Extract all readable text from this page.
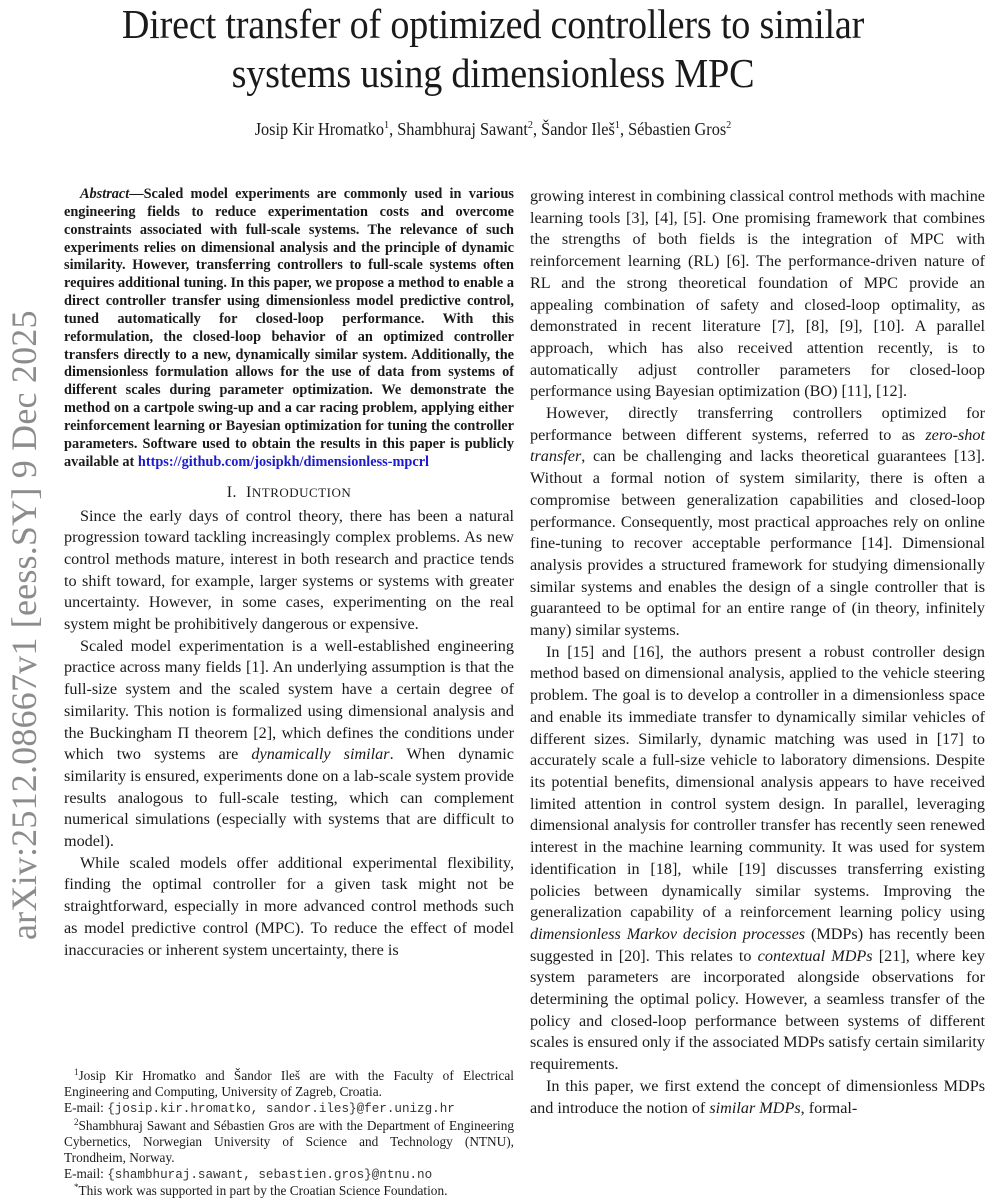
Direct transfer of optimized controllers to similar
systems using dimensionless MPC
Josip Kir Hromatko$^1$, Shambhuraj Sawant$^2$, Šandor Ileš$^1$, Sébastien Gros$^2$
arXiv:2512.08667v1 [eess.SY] 9 Dec 2025

Abstract—Scaled model experiments are commonly used in various engineering fields to reduce experimentation costs and overcome constraints associated with full-scale systems. The relevance of such experiments relies on dimensional analysis and the principle of dynamic similarity. However, transferring controllers to full-scale systems often requires additional tuning. In this paper, we propose a method to enable a direct controller transfer using dimensionless model predictive control, tuned automatically for closed-loop performance. With this reformulation, the closed-loop behavior of an optimized controller transfers directly to a new, dynamically similar system. Additionally, the dimensionless formulation allows for the use of data from systems of different scales during parameter optimization. We demonstrate the method on a cartpole swing-up and a car racing problem, applying either reinforcement learning or Bayesian optimization for tuning the controller parameters. Software used to obtain the results in this paper is publicly available at https://github.com/josipkh/dimensionless-mpcrl

I. INTRODUCTION

Since the early days of control theory, there has been a natural progression toward tackling increasingly complex problems. As new control methods mature, interest in both research and practice tends to shift toward, for example, larger systems or systems with greater uncertainty. However, in some cases, experimenting on the real system might be prohibitively dangerous or expensive.

Scaled model experimentation is a well-established engineering practice across many fields [1]. An underlying assumption is that the full-size system and the scaled system have a certain degree of similarity. This notion is formalized using dimensional analysis and the Buckingham Π theorem [2], which defines the conditions under which two systems are dynamically similar. When dynamic similarity is ensured, experiments done on a lab-scale system provide results analogous to full-scale testing, which can complement numerical simulations (especially with systems that are difficult to model).

While scaled models offer additional experimental flexibility, finding the optimal controller for a given task might not be straightforward, especially in more advanced control methods such as model predictive control (MPC). To reduce the effect of model inaccuracies or inherent system uncertainty, there is

$^1$Josip Kir Hromatko and Šandor Ileš are with the Faculty of Electrical Engineering and Computing, University of Zagreb, Croatia.

E-mail: {josip.kir.hromatko, sandor.iles}@fer.unizg.hr

$^2$Shambhuraj Sawant and Sébastien Gros are with the Department of Engineering Cybernetics, Norwegian University of Science and Technology (NTNU), Trondheim, Norway.

E-mail: {shambhuraj.sawant, sebastien.gros}@ntnu.no

*This work was supported in part by the Croatian Science Foundation.

growing interest in combining classical control methods with machine learning tools [3], [4], [5]. One promising framework that combines the strengths of both fields is the integration of MPC with reinforcement learning (RL) [6]. The performance-driven nature of RL and the strong theoretical foundation of MPC provide an appealing combination of safety and closed-loop optimality, as demonstrated in recent literature [7], [8], [9], [10]. A parallel approach, which has also received attention recently, is to automatically adjust controller parameters for closed-loop performance using Bayesian optimization (BO) [11], [12].

However, directly transferring controllers optimized for performance between different systems, referred to as zero-shot transfer, can be challenging and lacks theoretical guarantees [13]. Without a formal notion of system similarity, there is often a compromise between generalization capabilities and closed-loop performance. Consequently, most practical approaches rely on online fine-tuning to recover acceptable performance [14]. Dimensional analysis provides a structured framework for studying dimensionally similar systems and enables the design of a single controller that is guaranteed to be optimal for an entire range of (in theory, infinitely many) similar systems.

In [15] and [16], the authors present a robust controller design method based on dimensional analysis, applied to the vehicle steering problem. The goal is to develop a controller in a dimensionless space and enable its immediate transfer to dynamically similar vehicles of different sizes. Similarly, dynamic matching was used in [17] to accurately scale a full-size vehicle to laboratory dimensions. Despite its potential benefits, dimensional analysis appears to have received limited attention in control system design. In parallel, leveraging dimensional analysis for controller transfer has recently seen renewed interest in the machine learning community. It was used for system identification in [18], while [19] discusses transferring existing policies between dynamically similar systems. Improving the generalization capability of a reinforcement learning policy using dimensionless Markov decision processes (MDPs) has recently been suggested in [20]. This relates to contextual MDPs [21], where key system parameters are incorporated alongside observations for determining the optimal policy. However, a seamless transfer of the policy and closed-loop performance between systems of different scales is ensured only if the associated MDPs satisfy certain similarity requirements.

In this paper, we first extend the concept of dimensionless MDPs and introduce the notion of similar MDPs, formal-
